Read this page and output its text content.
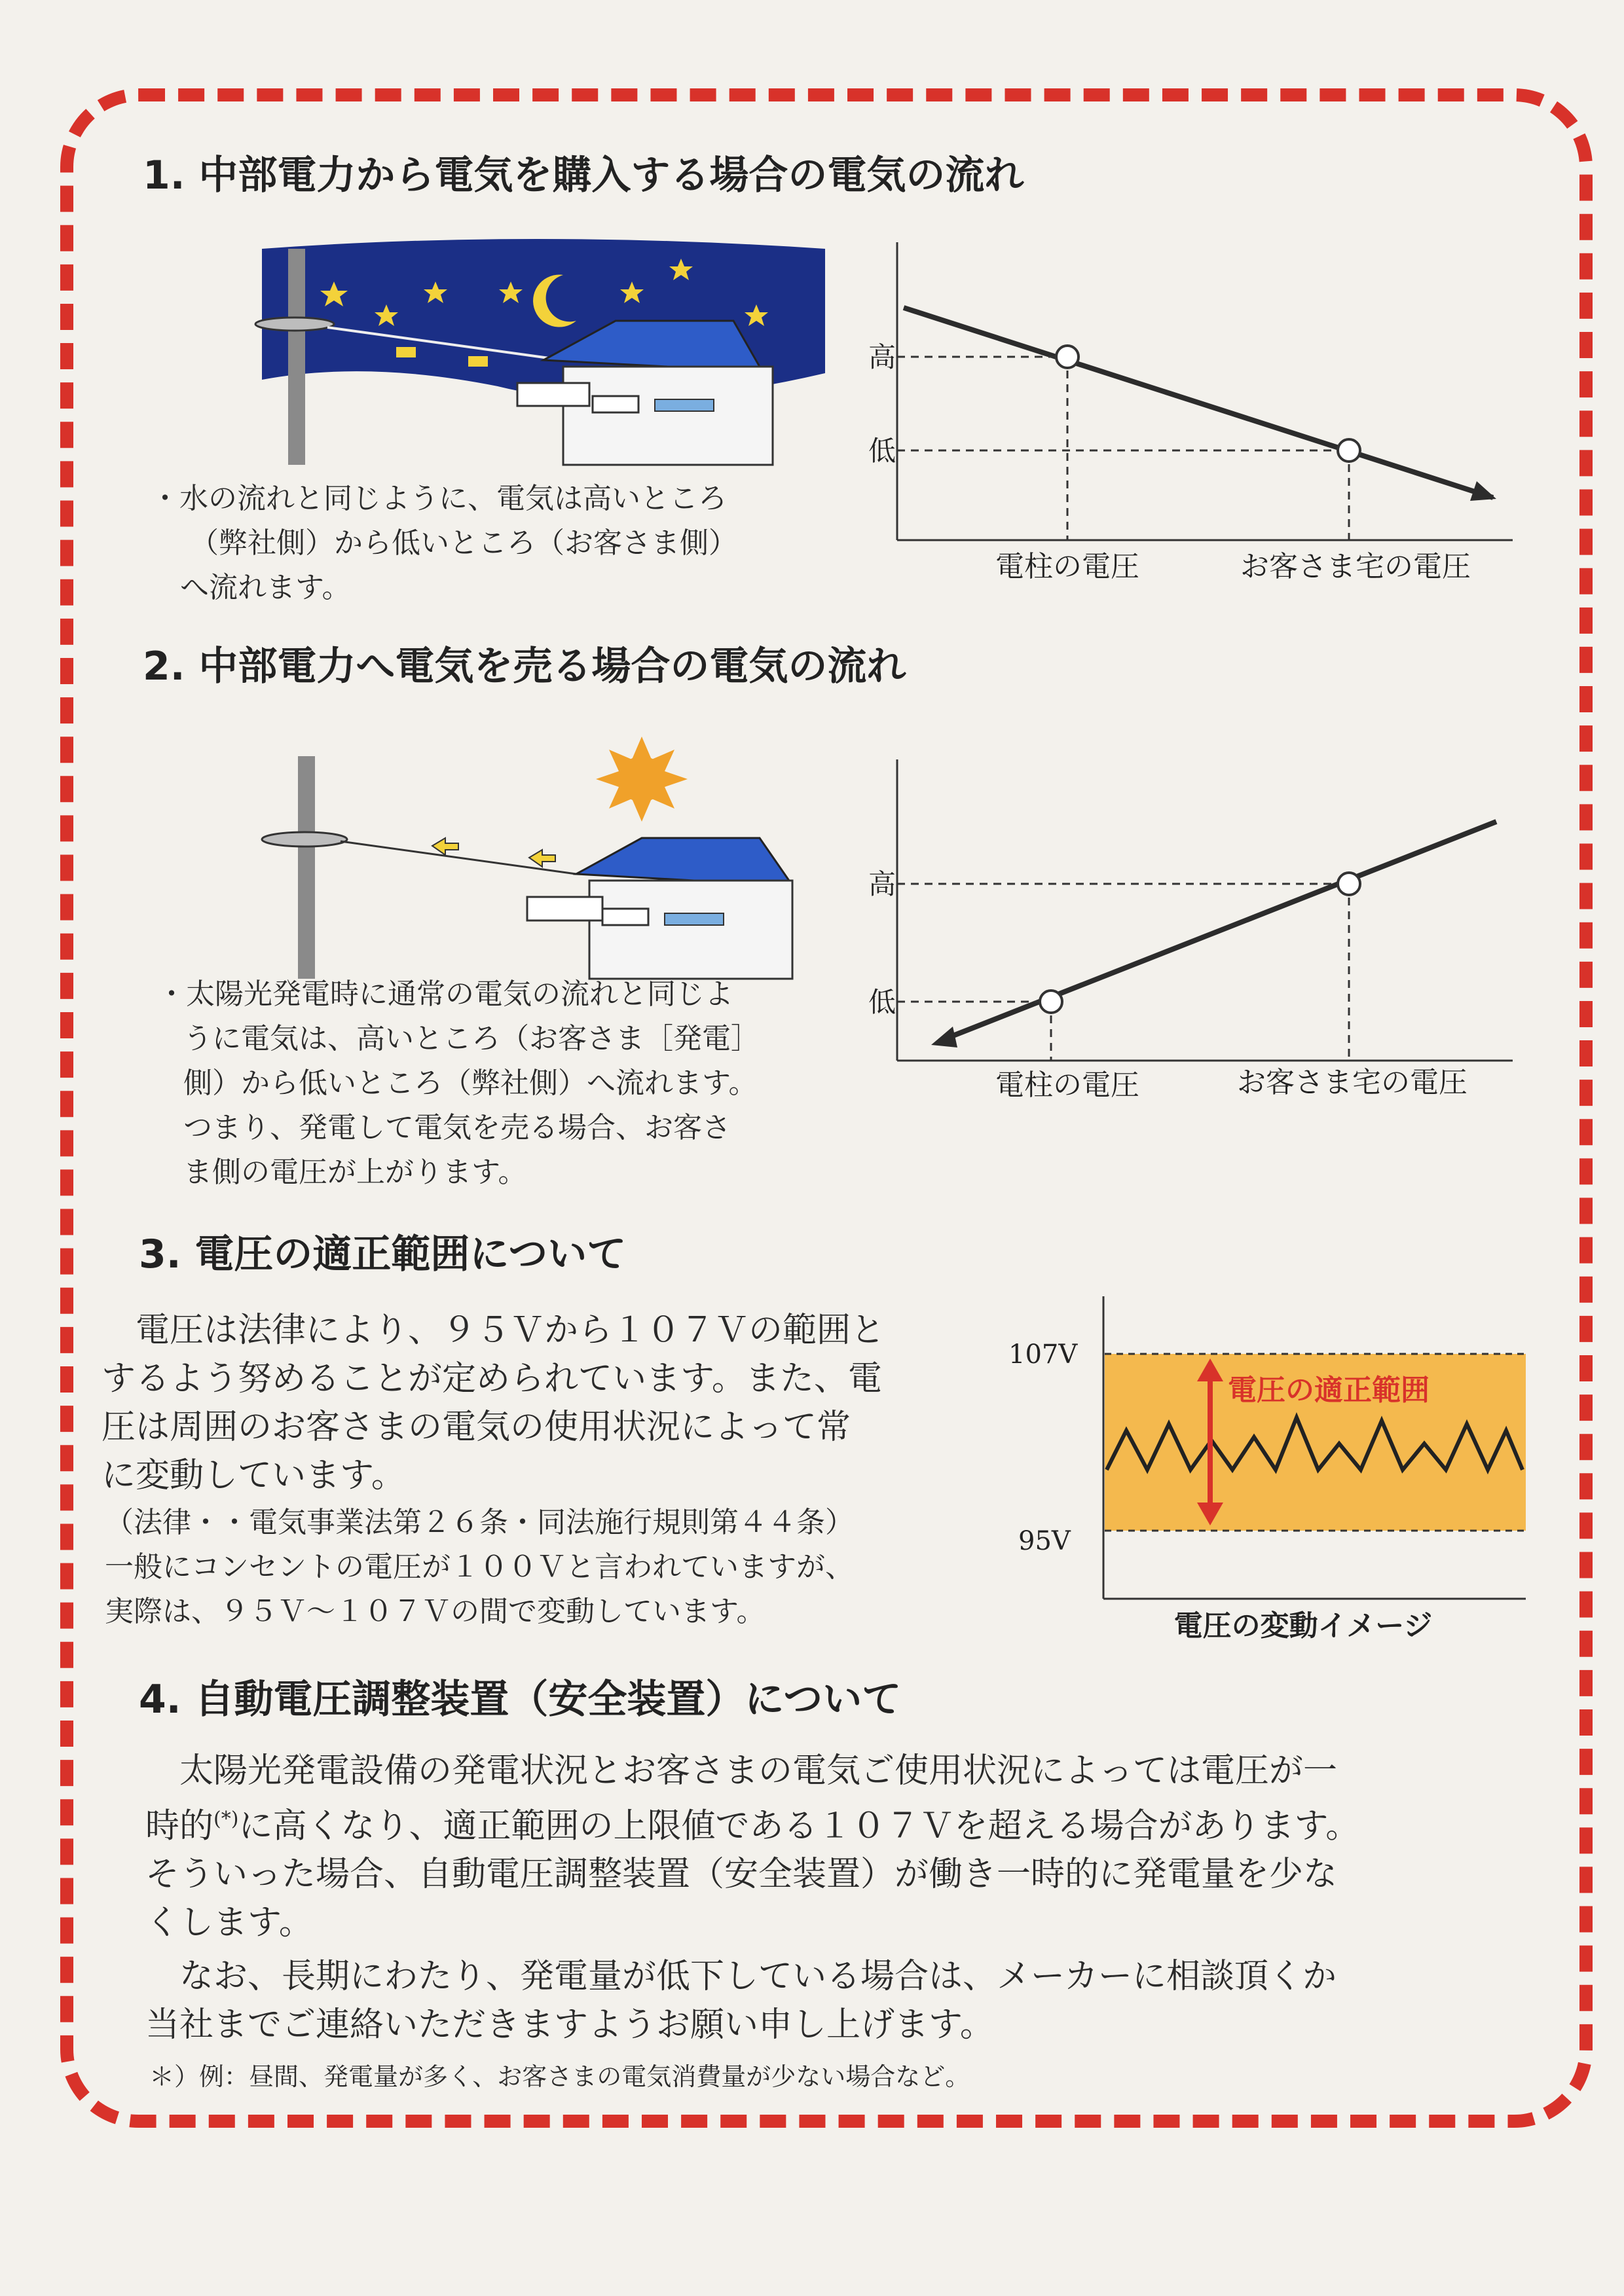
1. 中部電力から電気を購入する場合の電気の流れ
・水の流れと同じように、電気は高いところ
（弊社側）から低いところ（お客さま側）
へ流れます。
高
低
電柱の電圧	お客さま宅の電圧
2. 中部電力へ電気を売る場合の電気の流れ
・太陽光発電時に通常の電気の流れと同じよ
うに電気は、高いところ（お客さま［発電］
側）から低いところ（弊社側）へ流れます。
つまり、発電して電気を売る場合、お客さ
ま側の電圧が上がります。
高
低
電柱の電圧	お客さま宅の電圧
3. 電圧の適正範囲について
電圧は法律により、９５Ｖから１０７Ｖの範囲と
するよう努めることが定められています。また、電
圧は周囲のお客さまの電気の使用状況によって常
に変動しています。
（法律・・電気事業法第２６条・同法施行規則第４４条）
一般にコンセントの電圧が１００Ｖと言われていますが、
実際は、９５Ｖ～１０７Ｖの間で変動しています。
電圧の適正範囲
107V
95V
電圧の変動イメージ
4. 自動電圧調整装置（安全装置）について
太陽光発電設備の発電状況とお客さまの電気ご使用状況によっては電圧が一
時的(*)に高くなり、適正範囲の上限値である１０７Ｖを超える場合があります。
そういった場合、自動電圧調整装置（安全装置）が働き一時的に発電量を少な
くします。
なお、長期にわたり、発電量が低下している場合は、メーカーに相談頂くか
当社までご連絡いただきますようお願い申し上げます。
＊）例：昼間、発電量が多く、お客さまの電気消費量が少ない場合など。
